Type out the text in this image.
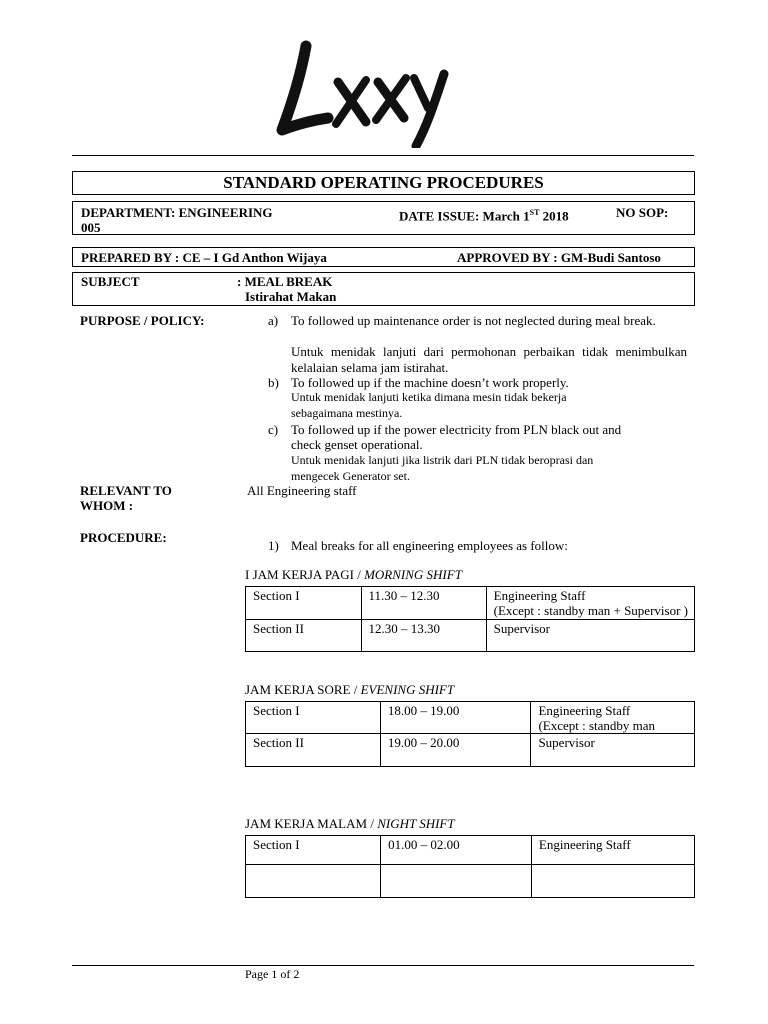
STANDARD OPERATING PROCEDURES
DEPARTMENT: ENGINEERING	DATE ISSUE: March 1ST 2018	NO SOP:
005
PREPARED BY : CE – I Gd Anthon Wijaya	APPROVED BY : GM-Budi Santoso
SUBJECT	: MEAL BREAK
Istirahat Makan
PURPOSE / POLICY:	a) To followed up maintenance order is not neglected during meal break.
Untuk menidak lanjuti dari permohonan perbaikan tidak menimbulkan kelalaian selama jam istirahat.
b) To followed up if the machine doesn’t work properly.
Untuk menidak lanjuti ketika dimana mesin tidak bekerja
sebagaimana mestinya.
c) To followed up if the power electricity from PLN black out and
check genset operational.
Untuk menidak lanjuti jika listrik dari PLN tidak beroprasi dan
mengecek Generator set.
RELEVANT TO
WHOM :
All Engineering staff
PROCEDURE:
1) Meal breaks for all engineering employees as follow:
I JAM KERJA PAGI / MORNING SHIFT
Section I	11.30 – 12.30	Engineering Staff
(Except : standby man + Supervisor )

Section II	12.30 – 13.30	Supervisor
JAM KERJA SORE / EVENING SHIFT
Section I	18.00 – 19.00	Engineering Staff
(Except : standby man

Section II	19.00 – 20.00	Supervisor
JAM KERJA MALAM / NIGHT SHIFT
Section I	01.00 – 02.00	Engineering Staff

Page 1 of 2
